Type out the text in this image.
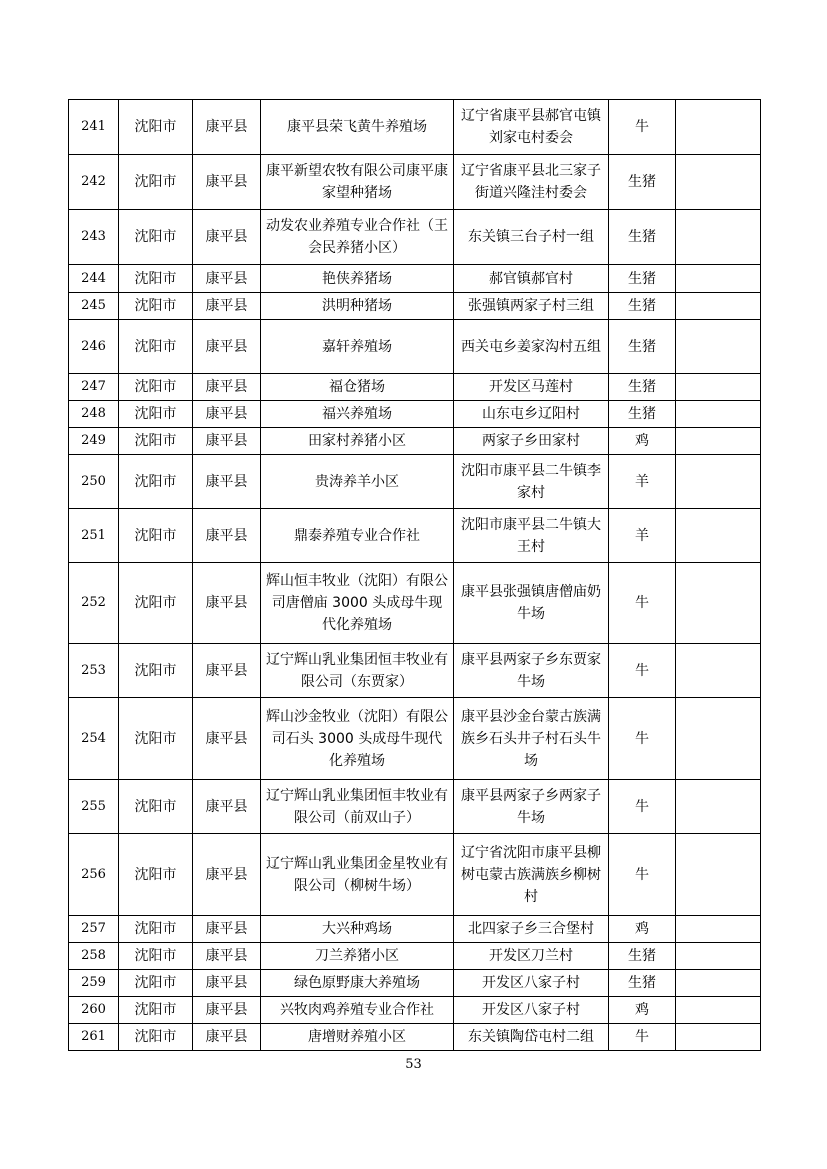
241	沈阳市	康平县	康平县荣飞黄牛养殖场	辽宁省康平县郝官屯镇刘家屯村委会	牛	
242	沈阳市	康平县	康平新望农牧有限公司康平康家望种猪场	辽宁省康平县北三家子街道兴隆洼村委会	生猪	
243	沈阳市	康平县	动发农业养殖专业合作社（王会民养猪小区）	东关镇三台子村一组	生猪	
244	沈阳市	康平县	艳侠养猪场	郝官镇郝官村	生猪	
245	沈阳市	康平县	洪明种猪场	张强镇两家子村三组	生猪	
246	沈阳市	康平县	嘉轩养殖场	西关屯乡姜家沟村五组	生猪	
247	沈阳市	康平县	福仓猪场	开发区马莲村	生猪	
248	沈阳市	康平县	福兴养殖场	山东屯乡辽阳村	生猪	
249	沈阳市	康平县	田家村养猪小区	两家子乡田家村	鸡	
250	沈阳市	康平县	贵涛养羊小区	沈阳市康平县二牛镇李家村	羊	
251	沈阳市	康平县	鼎泰养殖专业合作社	沈阳市康平县二牛镇大王村	羊	
252	沈阳市	康平县	辉山恒丰牧业（沈阳）有限公司唐僧庙 3000 头成母牛现代化养殖场	康平县张强镇唐僧庙奶牛场	牛	
253	沈阳市	康平县	辽宁辉山乳业集团恒丰牧业有限公司（东贾家）	康平县两家子乡东贾家牛场	牛	
254	沈阳市	康平县	辉山沙金牧业（沈阳）有限公司石头 3000 头成母牛现代化养殖场	康平县沙金台蒙古族满族乡石头井子村石头牛场	牛	
255	沈阳市	康平县	辽宁辉山乳业集团恒丰牧业有限公司（前双山子）	康平县两家子乡两家子牛场	牛	
256	沈阳市	康平县	辽宁辉山乳业集团金星牧业有限公司（柳树牛场）	辽宁省沈阳市康平县柳树屯蒙古族满族乡柳树村	牛	
257	沈阳市	康平县	大兴种鸡场	北四家子乡三合堡村	鸡	
258	沈阳市	康平县	刀兰养猪小区	开发区刀兰村	生猪	
259	沈阳市	康平县	绿色原野康大养殖场	开发区八家子村	生猪	
260	沈阳市	康平县	兴牧肉鸡养殖专业合作社	开发区八家子村	鸡	
261	沈阳市	康平县	唐增财养殖小区	东关镇陶岱屯村二组	牛	
53
